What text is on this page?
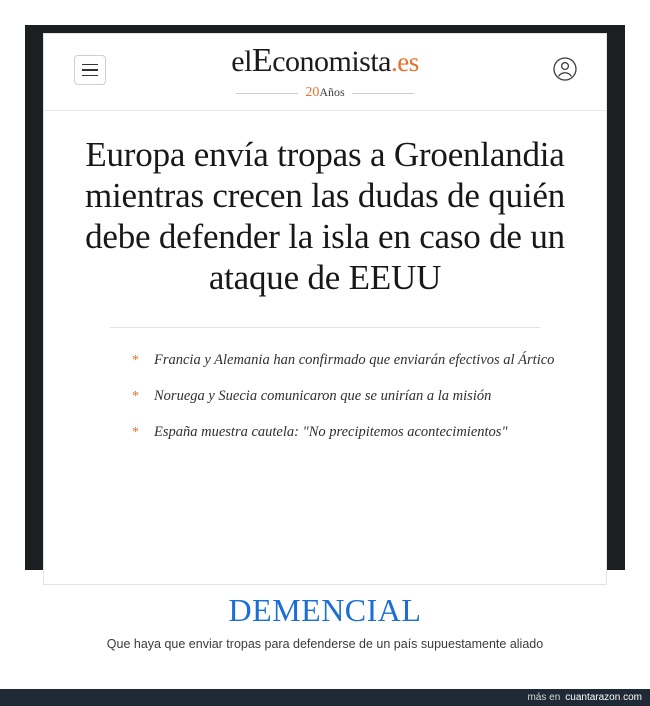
elEconomista.es
20Años
Europa envía tropas a Groenlandia mientras crecen las dudas de quién debe defender la isla en caso de un ataque de EEUU
* Francia y Alemania han confirmado que enviarán efectivos al Ártico
* Noruega y Suecia comunicaron que se unirían a la misión
* España muestra cautela: "No precipitemos acontecimientos"
DEMENCIAL
Que haya que enviar tropas para defenderse de un país supuestamente aliado
más en cuantarazon.com
